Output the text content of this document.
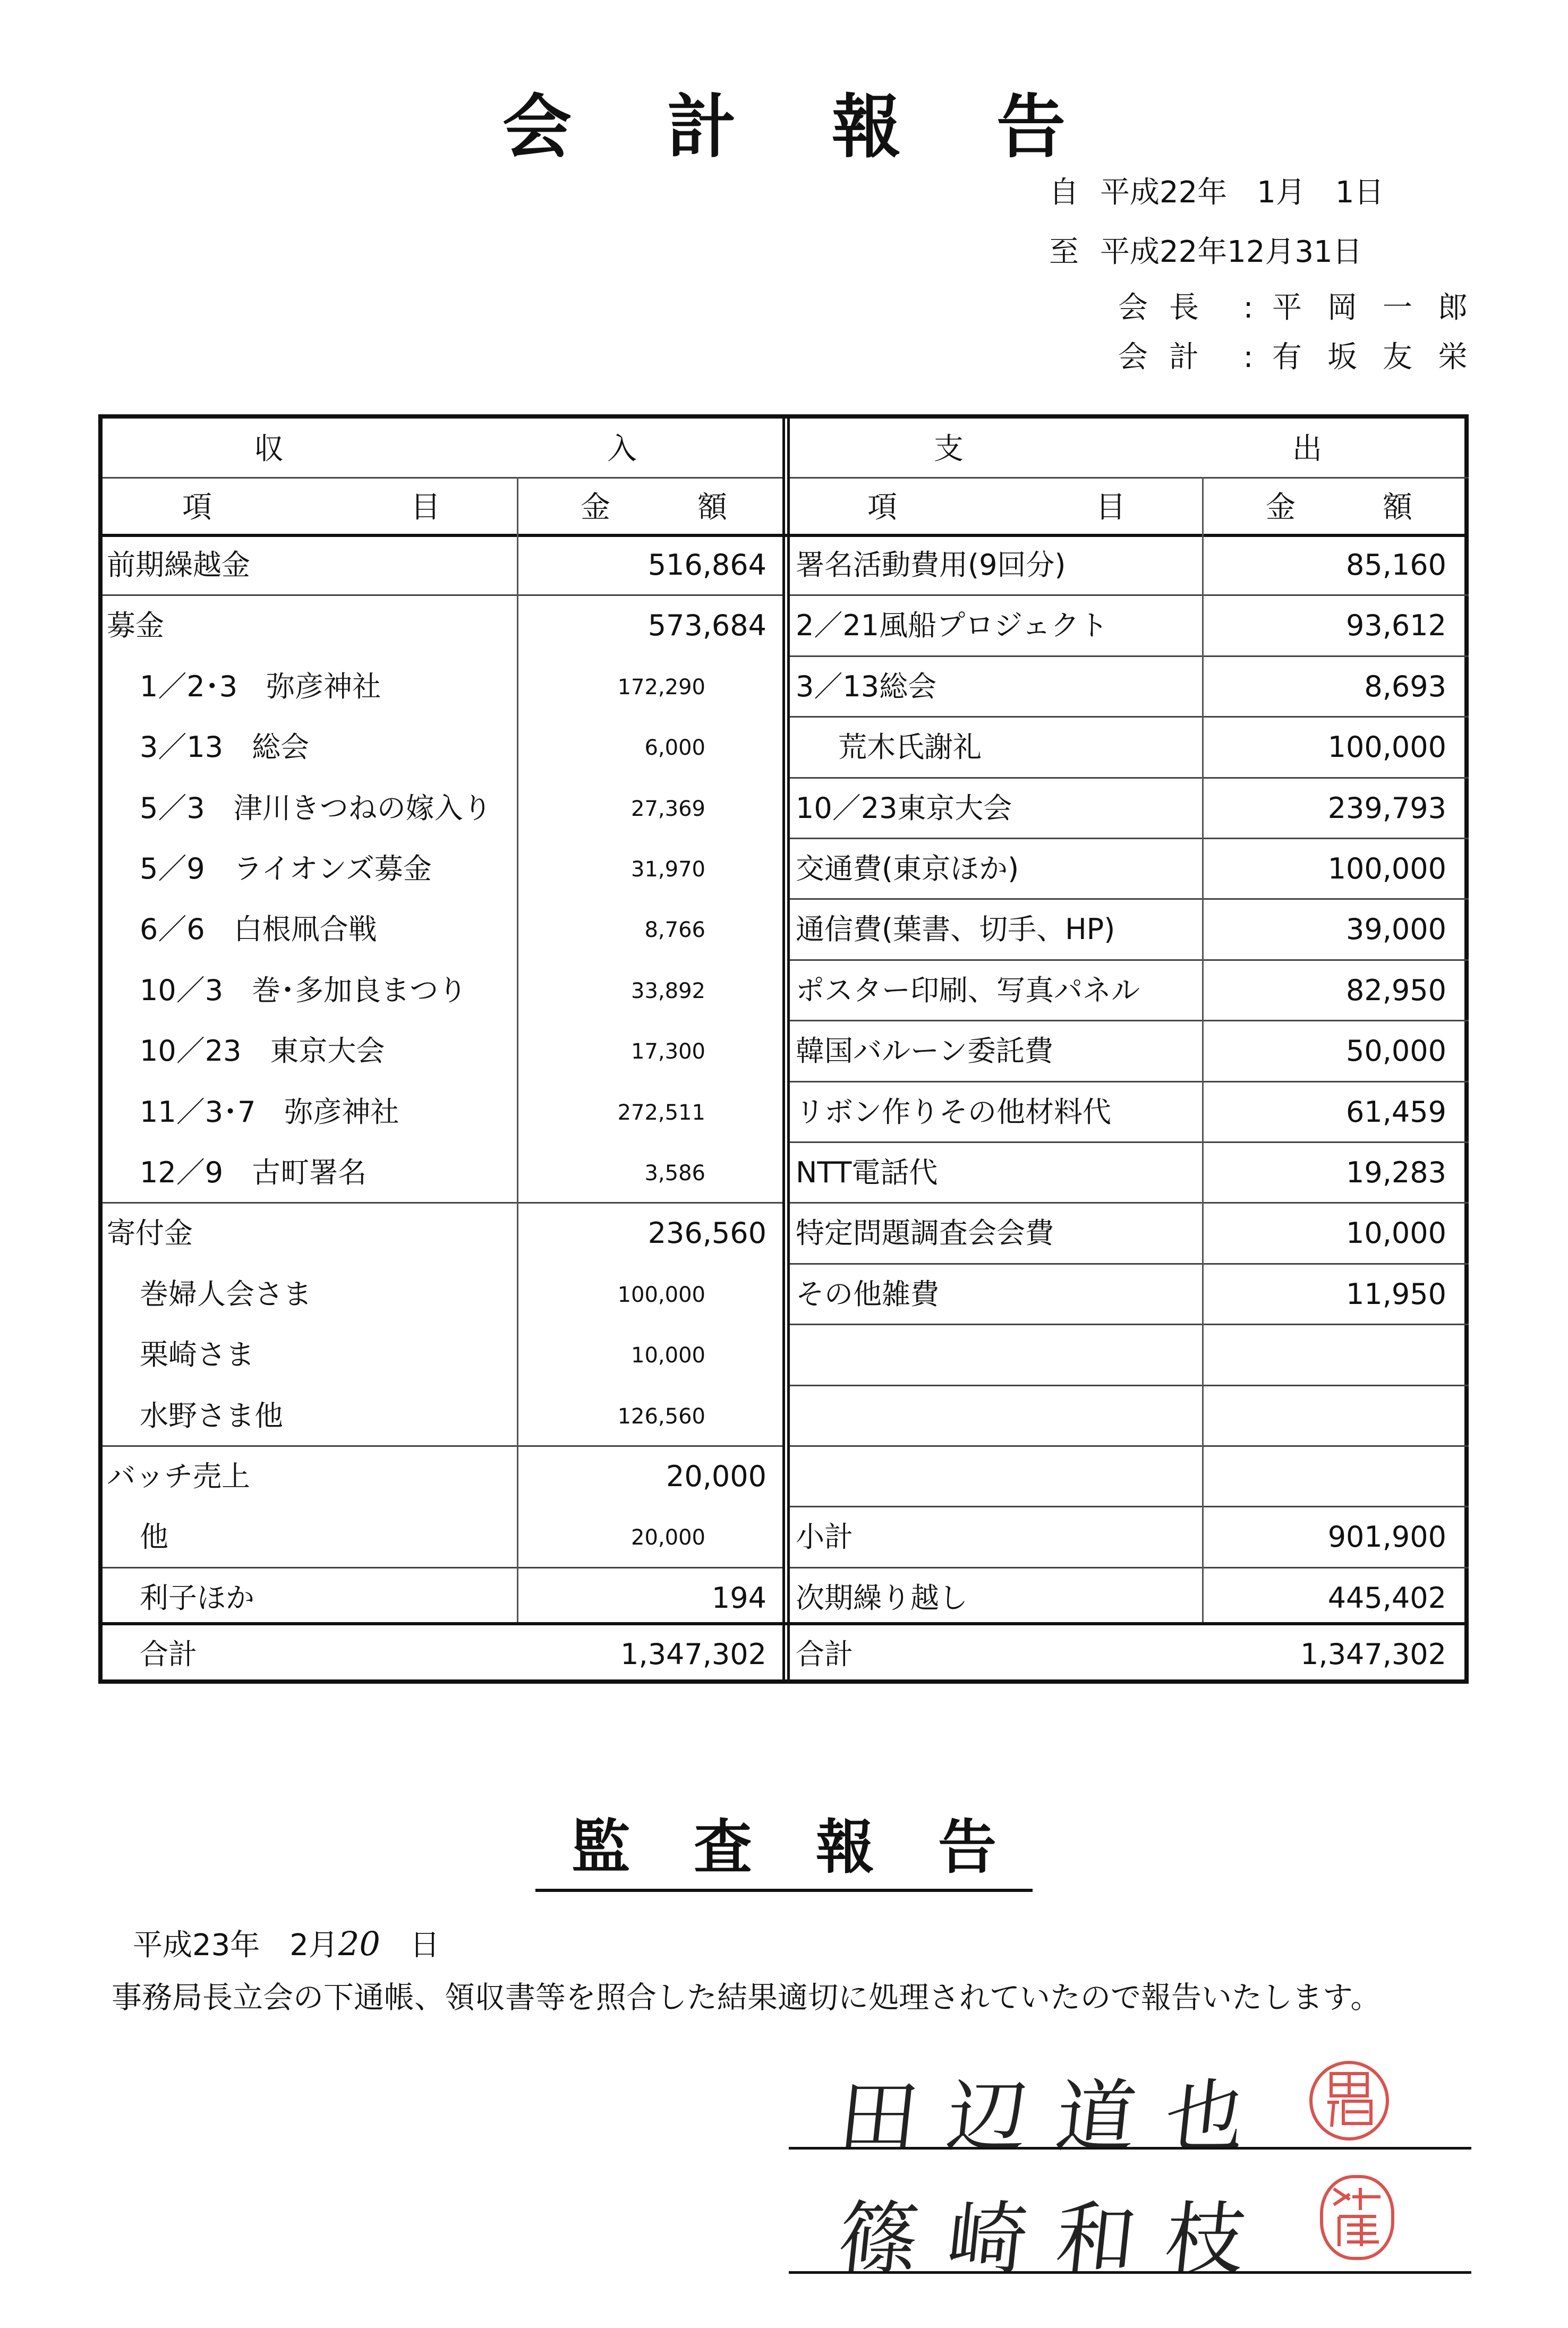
会 計 報 告
自 平成22年　1月　1日
至 平成22年12月31日
会長 : 平岡一郎
会計 : 有坂友栄
収	入	支	出
項	目	金	額	項	目	金	額
前期繰越金	516,864 署名活動費用(9回分)	85,160
募金	573,684 2／21風船プロジェクト	93,612
1／2･3　弥彦神社	172,290	3／13総会	8,693
3／13　総会	6,000	荒木氏謝礼	100,000
5／3　津川きつねの嫁入り	27,369	10／23東京大会	239,793
5／9　ライオンズ募金	31,970	交通費(東京ほか)	100,000
6／6　白根凧合戦	8,766	通信費(葉書、切手、HP)	39,000
10／3　巻･多加良まつり	33,892	ポスター印刷、写真パネル	82,950
10／23　東京大会	17,300	韓国バルーン委託費	50,000
11／3･7　弥彦神社	272,511	リボン作りその他材料代	61,459
12／9　古町署名	3,586	NTT電話代	19,283
寄付金	236,560 特定問題調査会会費	10,000
巻婦人会さま	100,000	その他雑費	11,950
栗崎さま	10,000
水野さま他	126,560
バッチ売上	20,000
他	20,000	小計	901,900
利子ほか	194 次期繰り越し	445,402
合計	1,347,302 合計	1,347,302
監 査 報 告
平成23年　2月20　 日
事務局長立会の下通帳、領収書等を照合した結果適切に処理されていたので報告いたします。
田辺道也
篠崎和枝
